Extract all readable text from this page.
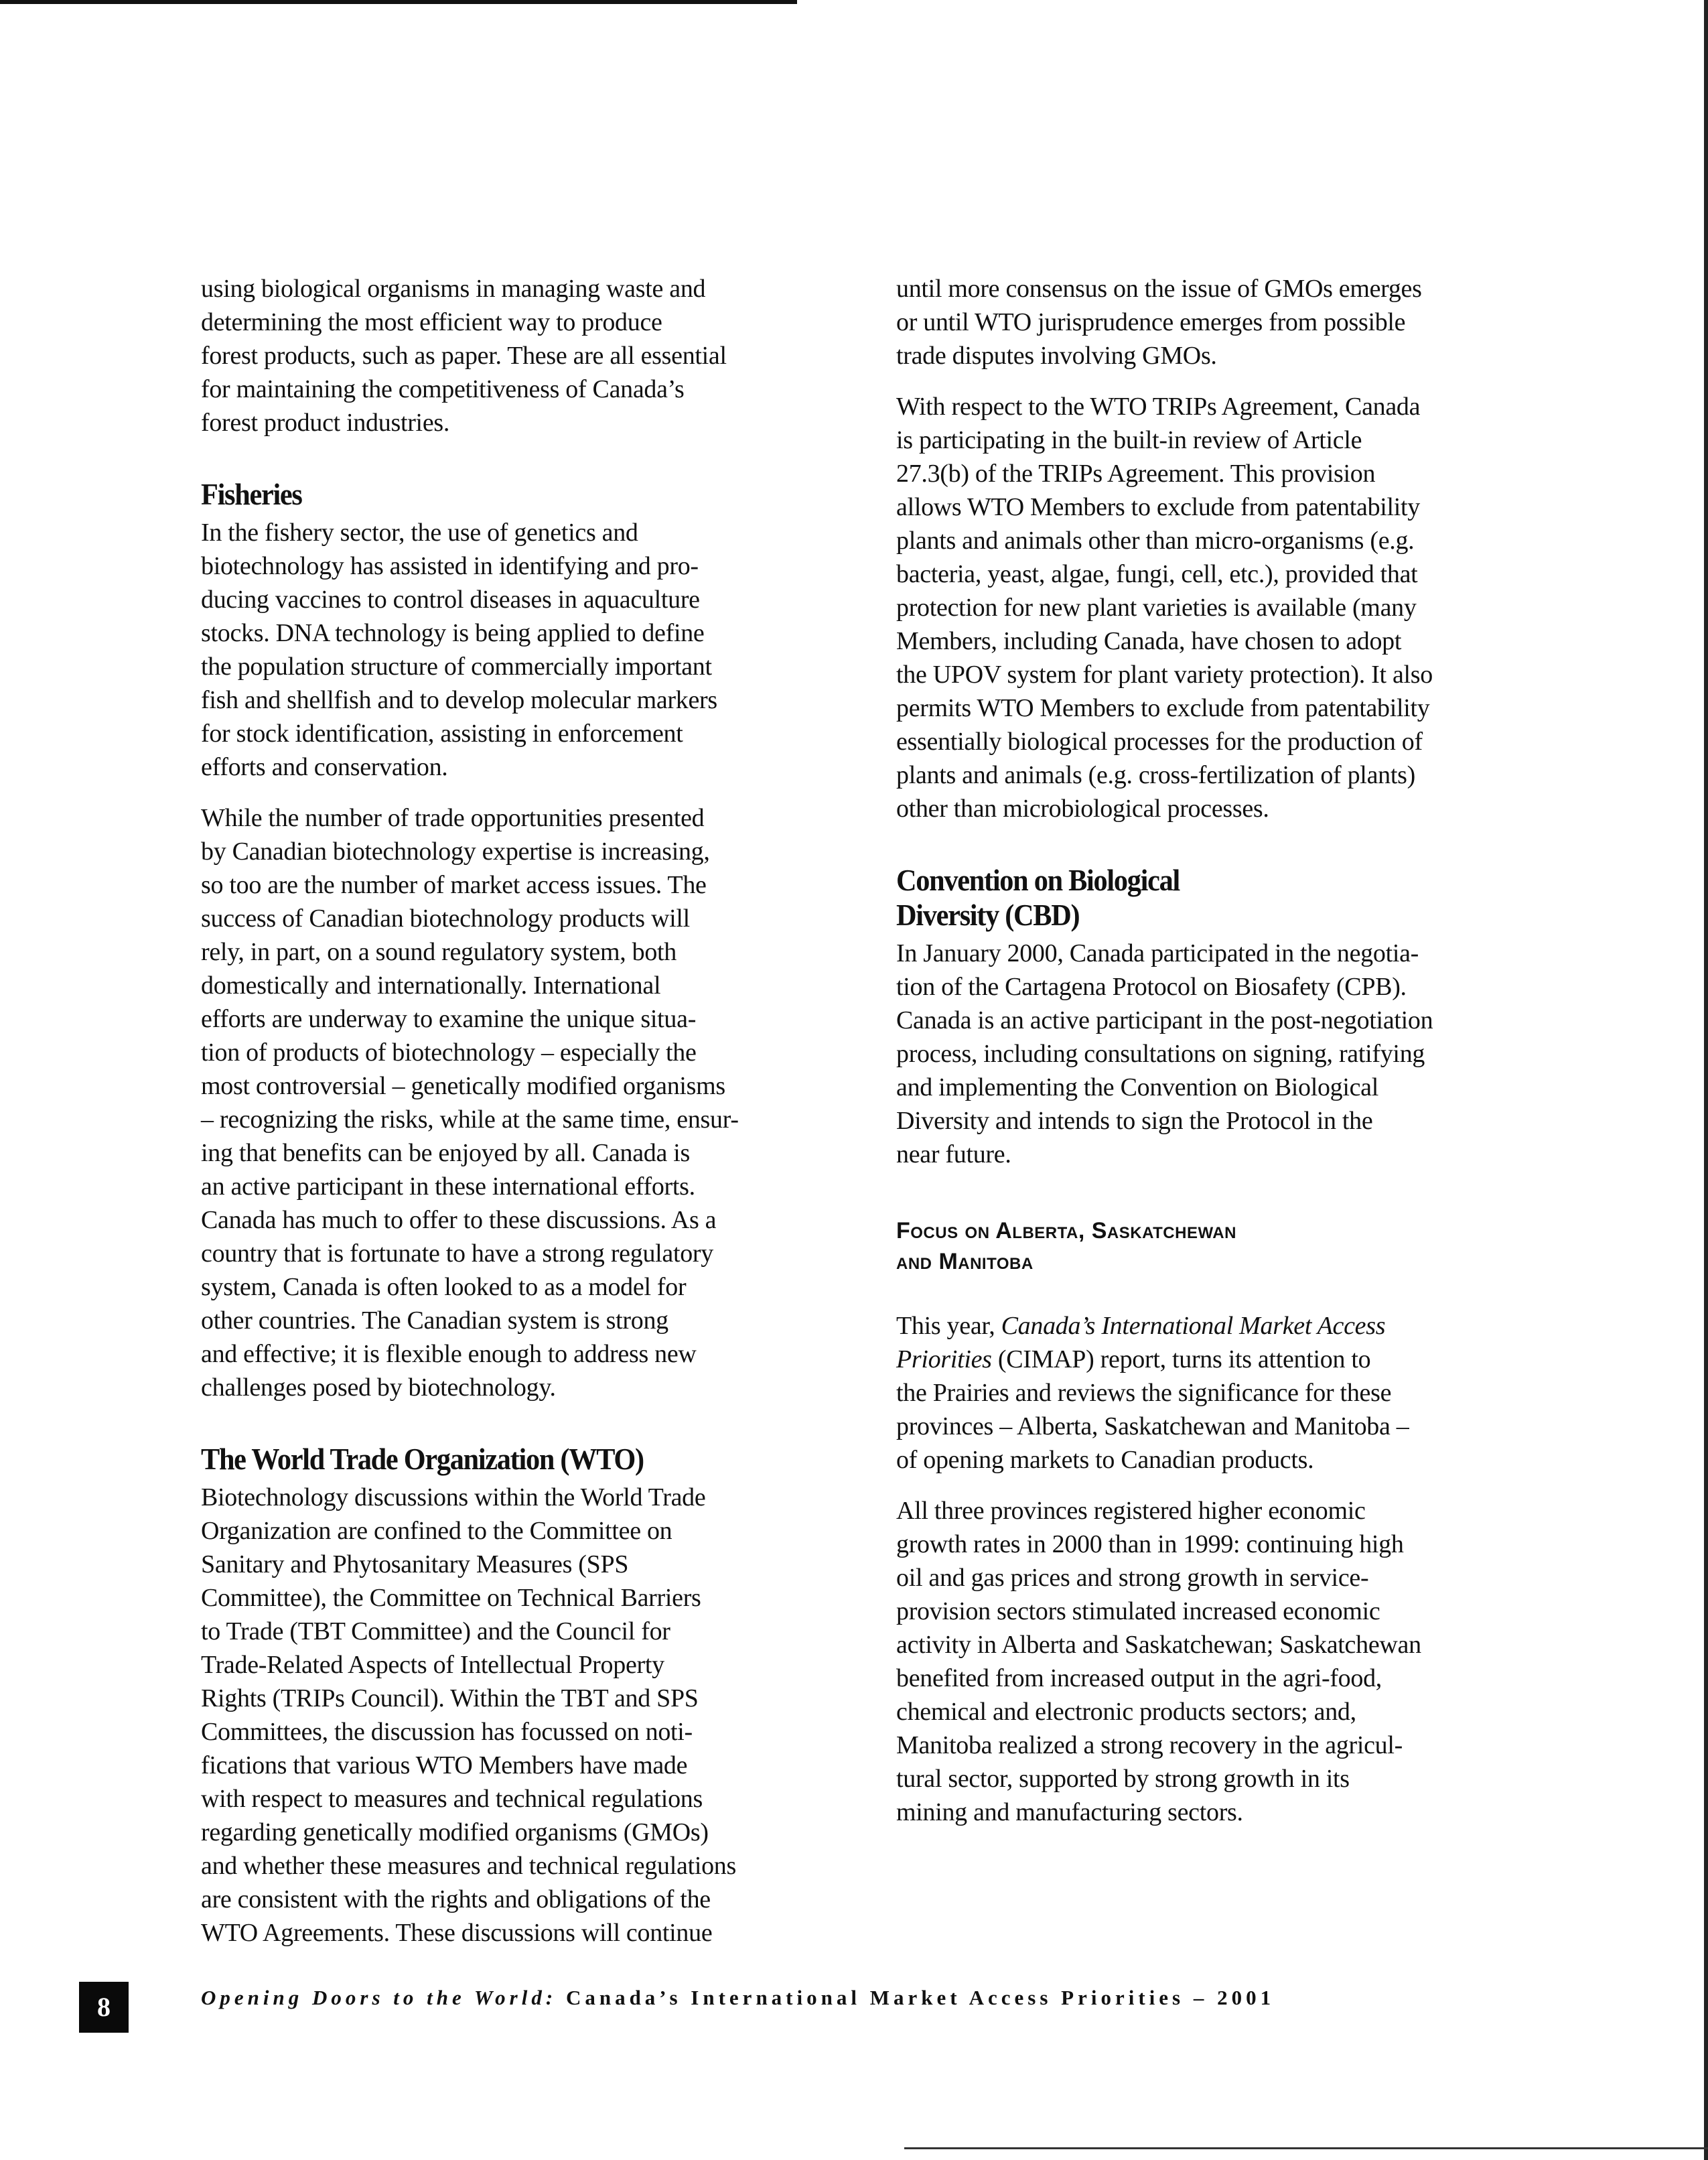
using biological organisms in managing waste and
determining the most efficient way to produce
forest products, such as paper. These are all essential
for maintaining the competitiveness of Canada’s
forest product industries.

Fisheries

In the fishery sector, the use of genetics and
biotechnology has assisted in identifying and pro-
ducing vaccines to control diseases in aquaculture
stocks. DNA technology is being applied to define
the population structure of commercially important
fish and shellfish and to develop molecular markers
for stock identification, assisting in enforcement
efforts and conservation.

While the number of trade opportunities presented
by Canadian biotechnology expertise is increasing,
so too are the number of market access issues. The
success of Canadian biotechnology products will
rely, in part, on a sound regulatory system, both
domestically and internationally. International
efforts are underway to examine the unique situa-
tion of products of biotechnology – especially the
most controversial – genetically modified organisms
– recognizing the risks, while at the same time, ensur-
ing that benefits can be enjoyed by all. Canada is
an active participant in these international efforts.
Canada has much to offer to these discussions. As a
country that is fortunate to have a strong regulatory
system, Canada is often looked to as a model for
other countries. The Canadian system is strong
and effective; it is flexible enough to address new
challenges posed by biotechnology.

The World Trade Organization (WTO)

Biotechnology discussions within the World Trade
Organization are confined to the Committee on
Sanitary and Phytosanitary Measures (SPS
Committee), the Committee on Technical Barriers
to Trade (TBT Committee) and the Council for
Trade-Related Aspects of Intellectual Property
Rights (TRIPs Council). Within the TBT and SPS
Committees, the discussion has focussed on noti-
fications that various WTO Members have made
with respect to measures and technical regulations
regarding genetically modified organisms (GMOs)
and whether these measures and technical regulations
are consistent with the rights and obligations of the
WTO Agreements. These discussions will continue

until more consensus on the issue of GMOs emerges
or until WTO jurisprudence emerges from possible
trade disputes involving GMOs.

With respect to the WTO TRIPs Agreement, Canada
is participating in the built-in review of Article
27.3(b) of the TRIPs Agreement. This provision
allows WTO Members to exclude from patentability
plants and animals other than micro-organisms (e.g.
bacteria, yeast, algae, fungi, cell, etc.), provided that
protection for new plant varieties is available (many
Members, including Canada, have chosen to adopt
the UPOV system for plant variety protection). It also
permits WTO Members to exclude from patentability
essentially biological processes for the production of
plants and animals (e.g. cross-fertilization of plants)
other than microbiological processes.

Convention on Biological
Diversity (CBD)

In January 2000, Canada participated in the negotia-
tion of the Cartagena Protocol on Biosafety (CPB).
Canada is an active participant in the post-negotiation
process, including consultations on signing, ratifying
and implementing the Convention on Biological
Diversity and intends to sign the Protocol in the
near future.

Focus on Alberta, Saskatchewan
and Manitoba

This year, Canada’s International Market Access
Priorities (CIMAP) report, turns its attention to
the Prairies and reviews the significance for these
provinces – Alberta, Saskatchewan and Manitoba –
of opening markets to Canadian products.

All three provinces registered higher economic
growth rates in 2000 than in 1999: continuing high
oil and gas prices and strong growth in service-
provision sectors stimulated increased economic
activity in Alberta and Saskatchewan; Saskatchewan
benefited from increased output in the agri-food,
chemical and electronic products sectors; and,
Manitoba realized a strong recovery in the agricul-
tural sector, supported by strong growth in its
mining and manufacturing sectors.

8	Opening Doors to the World: Canada’s International Market Access Priorities – 2001
